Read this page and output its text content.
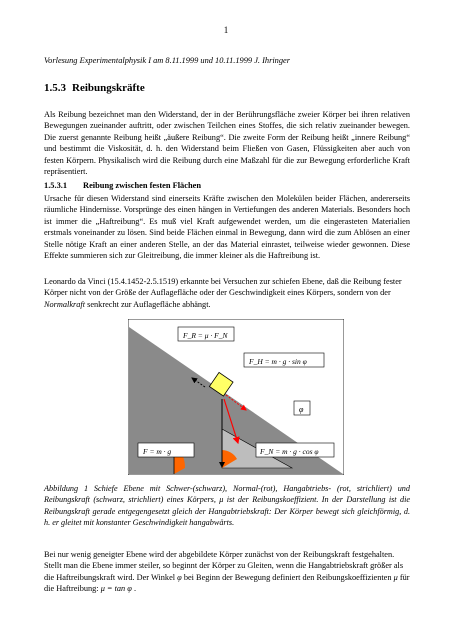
1
Vorlesung Experimentalphysik I am 8.11.1999 und 10.11.1999 J. Ihringer
1.5.3 Reibungskräfte

Als Reibung bezeichnet man den Widerstand, der in der Berührungsfläche zweier Körper bei ihren relativen Bewegungen zueinander auftritt, oder zwischen Teilchen eines Stoffes, die sich relativ zueinander bewegen. Die zuerst genannte Reibung heißt „äußere Reibung“. Die zweite Form der Reibung heißt „innere Reibung“ und bestimmt die Viskosität, d. h. den Widerstand beim Fließen von Gasen, Flüssigkeiten aber auch von festen Körpern. Physikalisch wird die Reibung durch eine Maßzahl für die zur Bewegung erforderliche Kraft repräsentiert.

1.5.3.1 Reibung zwischen festen Flächen

Ursache für diesen Widerstand sind einerseits Kräfte zwischen den Molekülen beider Flächen, andererseits räumliche Hindernisse. Vorsprünge des einen hängen in Vertiefungen des anderen Materials. Besonders hoch ist immer die „Haftreibung“. Es muß viel Kraft aufgewendet werden, um die eingerasteten Materialien erstmals voneinander zu lösen. Sind beide Flächen einmal in Bewegung, dann wird die zum Ablösen an einer Stelle nötige Kraft an einer anderen Stelle, an der das Material einrastet, teilweise wieder gewonnen. Diese Effekte summieren sich zur Gleitreibung, die immer kleiner als die Haftreibung ist.

Leonardo da Vinci (15.4.1452-2.5.1519) erkannte bei Versuchen zur schiefen Ebene, daß die Reibung fester Körper nicht von der Größe der Auflagefläche oder der Geschwindigkeit eines Körpers, sondern von der Normalkraft senkrecht zur Auflagefläche abhängt.

F_R = μ · F_N
F_H = m · g · sin φ
φ
F = m · g	F_N = m · g · cos φ

Abbildung 1 Schiefe Ebene mit Schwer-(schwarz), Normal-(rot), Hangabtriebs- (rot, strichliert) und Reibungskraft (schwarz, strichliert) eines Körpers, μ ist der Reibungskoeffizient. In der Darstellung ist die Reibungskraft gerade entgegengesetzt gleich der Hangabtriebskraft: Der Körper bewegt sich gleichförmig, d. h. er gleitet mit konstanter Geschwindigkeit hangabwärts.

Bei nur wenig geneigter Ebene wird der abgebildete Körper zunächst von der Reibungskraft festgehalten. Stellt man die Ebene immer steiler, so beginnt der Körper zu Gleiten, wenn die Hangabtriebskraft größer als die Haftreibungskraft wird. Der Winkel φ bei Beginn der Bewegung definiert den Reibungskoeffizienten μ für die Haftreibung: μ = tan φ .
